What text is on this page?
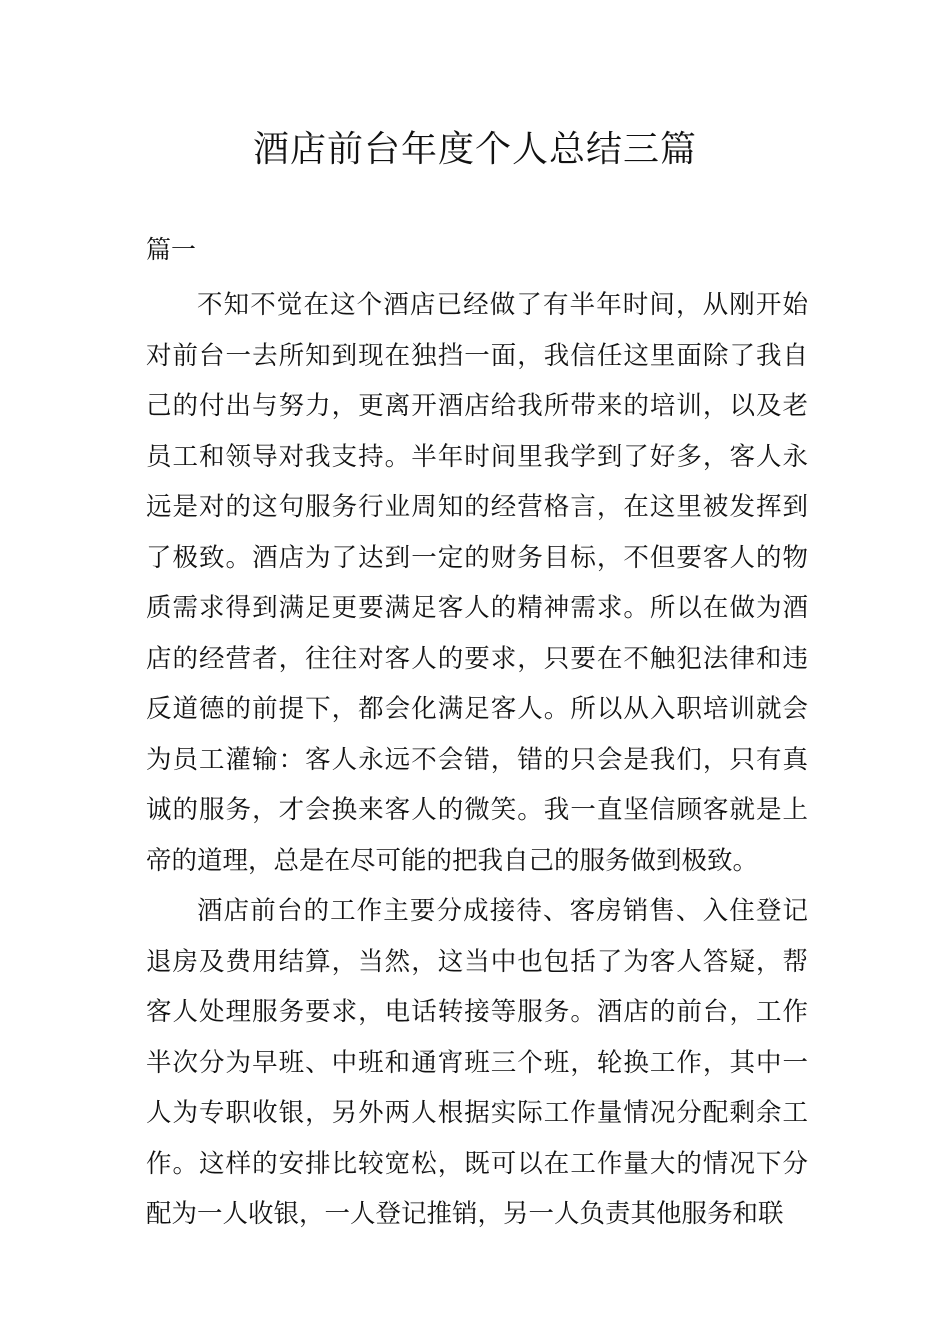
酒店前台年度个人总结三篇
篇一

不知不觉在这个酒店已经做了有半年时间，从刚开始对前台一去所知到现在独挡一面，我信任这里面除了我自己的付出与努力，更离开酒店给我所带来的培训，以及老员工和领导对我支持。半年时间里我学到了好多，客人永远是对的这句服务行业周知的经营格言，在这里被发挥到了极致。酒店为了达到一定的财务目标，不但要客人的物质需求得到满足更要满足客人的精神需求。所以在做为酒店的经营者，往往对客人的要求，只要在不触犯法律和违反道德的前提下，都会化满足客人。所以从入职培训就会为员工灌输：客人永远不会错，错的只会是我们，只有真诚的服务，才会换来客人的微笑。我一直坚信顾客就是上帝的道理，总是在尽可能的把我自己的服务做到极致。

酒店前台的工作主要分成接待、客房销售、入住登记退房及费用结算，当然，这当中也包括了为客人答疑，帮客人处理服务要求，电话转接等服务。酒店的前台，工作半次分为早班、中班和通宵班三个班，轮换工作，其中一人为专职收银，另外两人根据实际工作量情况分配剩余工作。这样的安排比较宽松，既可以在工作量大的情况下分配为一人收银，一人登记推销，另一人负责其他服务和联
